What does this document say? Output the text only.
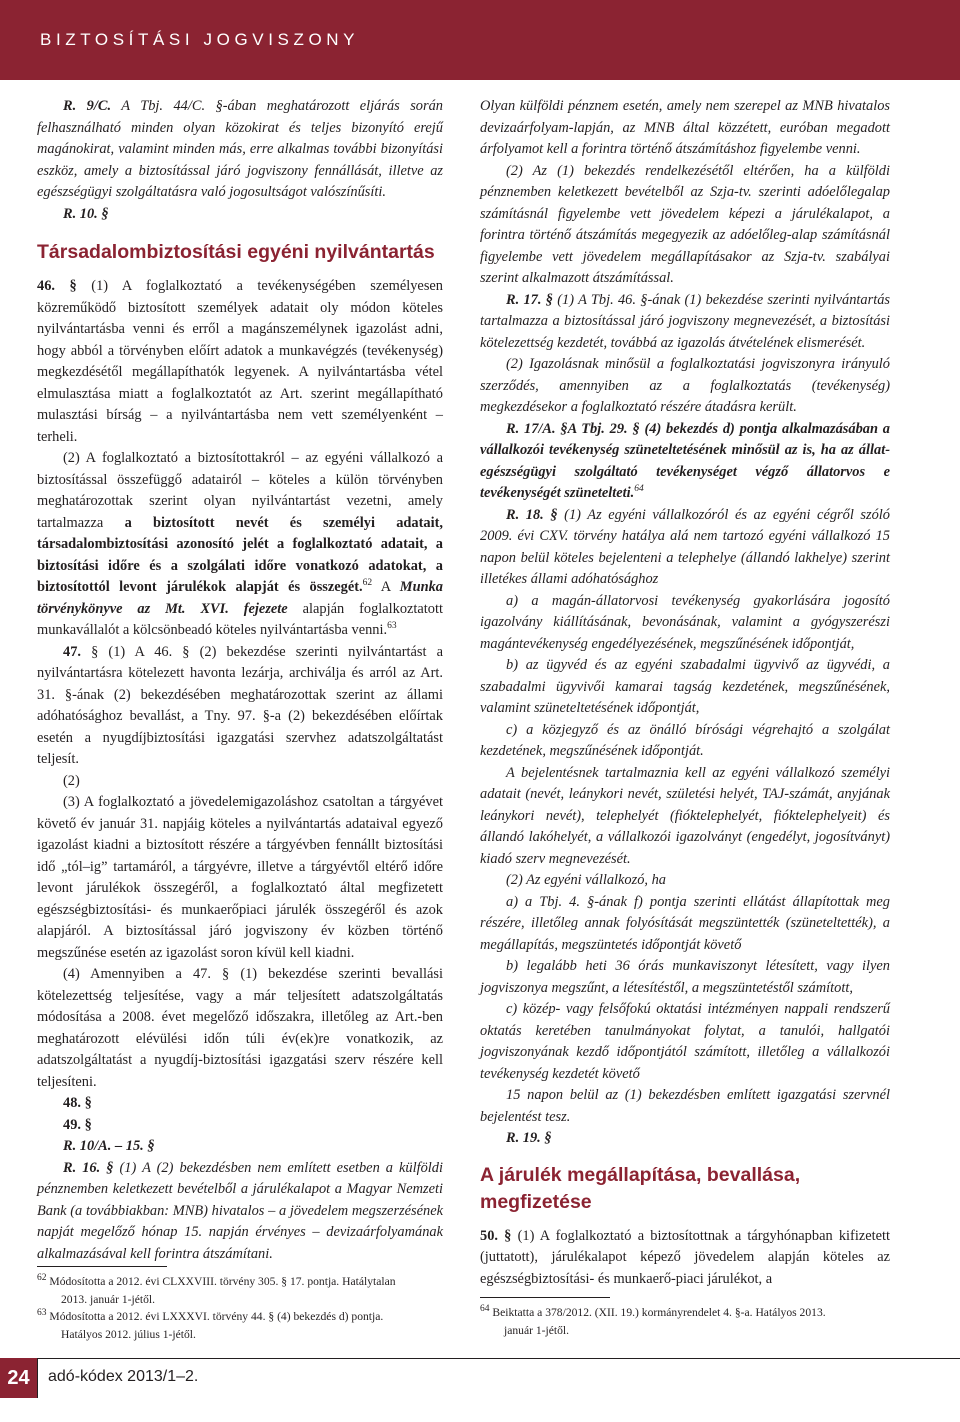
BIZTOSÍTÁSI JOGVISZONY

R. 9/C. A Tbj. 44/C. §-ában meghatározott eljárás során felhasználható minden olyan közokirat és teljes bizonyító erejű magánokirat, valamint minden más, erre alkalmas további bizonyítási eszköz, amely a biztosítással járó jogviszony fennállását, illetve az egészségügyi szolgáltatásra való jogosultságot valószínűsíti.

R. 10. §

Társadalombiztosítási egyéni nyilvántartás

46. § (1) A foglalkoztató a tevékenységében személyesen közreműködő biztosított személyek adatait oly módon köteles nyilvántartásba venni és erről a magánszemélynek igazolást adni, hogy abból a törvényben előírt adatok a munkavégzés (tevékenység) megkezdésétől megállapíthatók legyenek. A nyilvántartásba vétel elmulasztása miatt a foglalkoztatót az Art. szerint megállapítható mulasztási bírság – a nyilvántartásba nem vett személyenként – terheli.

(2) A foglalkoztató a biztosítottakról – az egyéni vállalkozó a biztosítással összefüggő adatairól – köteles a külön törvényben meghatározottak szerint olyan nyilvántartást vezetni, amely tartalmazza a biztosított nevét és személyi adatait, társadalombiztosítási azonosító jelét a foglalkoztató adatait, a biztosítási időre és a szolgálati időre vonatkozó adatokat, a biztosítottól levont járulékok alapját és összegét.$^{62}$ A Munka törvénykönyve az Mt. XVI. fejezete alapján foglalkoztatott munkavállalót a kölcsönbeadó köteles nyilvántartásba venni.$^{63}$

47. § (1) A 46. § (2) bekezdése szerinti nyilvántartást a nyilvántartásra kötelezett havonta lezárja, archiválja és arról az Art. 31. §-ának (2) bekezdésében meghatározottak szerint az állami adóhatósághoz bevallást, a Tny. 97. §-a (2) bekezdésében előírtak esetén a nyugdíjbiztosítási igazgatási szervhez adatszolgáltatást teljesít.

(2)

(3) A foglalkoztató a jövedelemigazoláshoz csatoltan a tárgyévet követő év január 31. napjáig köteles a nyilvántartás adataival egyező igazolást kiadni a biztosított részére a tárgyévben fennállt biztosítási idő „tól–ig” tartamáról, a tárgyévre, illetve a tárgyévtől eltérő időre levont járulékok összegéről, a foglalkoztató által megfizetett egészségbiztosítási- és munkaerőpiaci járulék összegéről és azok alapjáról. A biztosítással járó jogviszony év közben történő megszűnése esetén az igazolást soron kívül kell kiadni.

(4) Amennyiben a 47. § (1) bekezdése szerinti bevallási kötelezettség teljesítése, vagy a már teljesített adatszolgáltatás módosítása a 2008. évet megelőző időszakra, illetőleg az Art.-ben meghatározott elévülési időn túli év(ek)re vonatkozik, az adatszolgáltatást a nyugdíj-biztosítási igazgatási szerv részére kell teljesíteni.

48. §

49. §

R. 10/A. – 15. §

R. 16. § (1) A (2) bekezdésben nem említett esetben a külföldi pénznemben keletkezett bevételből a járulékalapot a Magyar Nemzeti Bank (a továbbiakban: MNB) hivatalos – a jövedelem megszerzésének napját megelőző hónap 15. napján érvényes – devizaárfolyamának alkalmazásával kell forintra átszámítani.

$^{62}$ Módosította a 2012. évi CLXXVIII. törvény 305. § 17. pontja. Hatálytalan
2013. január 1-jétől.
$^{63}$ Módosította a 2012. évi LXXXVI. törvény 44. § (4) bekezdés d) pontja.
Hatályos 2012. július 1-jétől.

Olyan külföldi pénznem esetén, amely nem szerepel az MNB hivatalos devizaárfolyam-lapján, az MNB által közzétett, euróban megadott árfolyamot kell a forintra történő átszámításhoz figyelembe venni.

(2) Az (1) bekezdés rendelkezésétől eltérően, ha a külföldi pénznemben keletkezett bevételből az Szja-tv. szerinti adóelőlegalap számításnál figyelembe vett jövedelem képezi a járulékalapot, a forintra történő átszámítás megegyezik az adóelőleg-alap számításnál figyelembe vett jövedelem megállapításakor az Szja-tv. szabályai szerint alkalmazott átszámítással.

R. 17. § (1) A Tbj. 46. §-ának (1) bekezdése szerinti nyilvántartás tartalmazza a biztosítással járó jogviszony megnevezését, a biztosítási kötelezettség kezdetét, továbbá az igazolás átvételének elismerését.

(2) Igazolásnak minősül a foglalkoztatási jogviszonyra irányuló szerződés, amennyiben az a foglalkoztatás (tevékenység) megkezdésekor a foglalkoztató részére átadásra került.

R. 17/A. §A Tbj. 29. § (4) bekezdés d) pontja alkalmazásában a vállalkozói tevékenység szüneteltetésének minősül az is, ha az állat-egészségügyi szolgáltató tevékenységet végző állatorvos e tevékenységét szünetelteti.$^{64}$

R. 18. § (1) Az egyéni vállalkozóról és az egyéni cégről szóló 2009. évi CXV. törvény hatálya alá nem tartozó egyéni vállalkozó 15 napon belül köteles bejelenteni a telephelye (állandó lakhelye) szerint illetékes állami adóhatósághoz

a) a magán-állatorvosi tevékenység gyakorlására jogosító igazolvány kiállításának, bevonásának, valamint a gyógyszerészi magántevékenység engedélyezésének, megszűnésének időpontját,

b) az ügyvéd és az egyéni szabadalmi ügyvivő az ügyvédi, a szabadalmi ügyvivői kamarai tagság kezdetének, megszűnésének, valamint szüneteltetésének időpontját,

c) a közjegyző és az önálló bírósági végrehajtó a szolgálat kezdetének, megszűnésének időpontját.

A bejelentésnek tartalmaznia kell az egyéni vállalkozó személyi adatait (nevét, leánykori nevét, születési helyét, TAJ-számát, anyjának leánykori nevét), telephelyét (fióktelephelyét, fióktelephelyeit) és állandó lakóhelyét, a vállalkozói igazolványt (engedélyt, jogosítványt) kiadó szerv megnevezését.

(2) Az egyéni vállalkozó, ha

a) a Tbj. 4. §-ának f) pontja szerinti ellátást állapítottak meg részére, illetőleg annak folyósítását megszüntették (szüneteltették), a megállapítás, megszüntetés időpontját követő

b) legalább heti 36 órás munkaviszonyt létesített, vagy ilyen jogviszonya megszűnt, a létesítéstől, a megszüntetéstől számított,

c) közép- vagy felsőfokú oktatási intézményen nappali rendszerű oktatás keretében tanulmányokat folytat, a tanulói, hallgatói jogviszonyának kezdő időpontjától számított, illetőleg a vállalkozói tevékenység kezdetét követő

15 napon belül az (1) bekezdésben említett igazgatási szervnél bejelentést tesz.

R. 19. §

A járulék megállapítása, bevallása, megfizetése

50. § (1) A foglalkoztató a biztosítottnak a tárgyhónapban kifizetett (juttatott), járulékalapot képező jövedelem alapján köteles az egészségbiztosítási- és munkaerő-piaci járulékot, a

$^{64}$ Beiktatta a 378/2012. (XII. 19.) kormányrendelet 4. §-a. Hatályos 2013.
január 1-jétől.
24	adó-kódex 2013/1–2.
